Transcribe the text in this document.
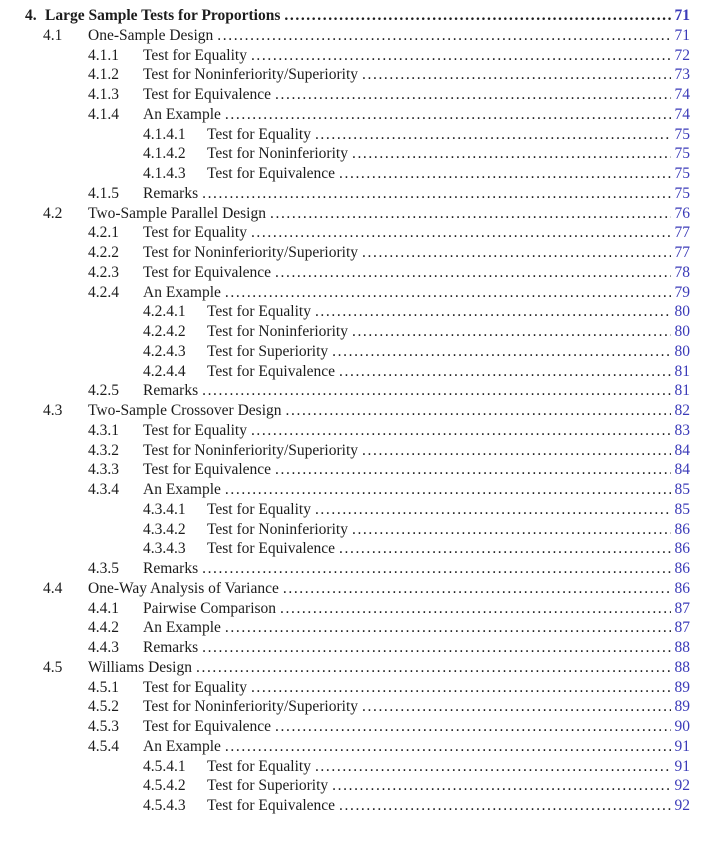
4. Large Sample Tests for Proportions .....	71
4.1	One-Sample Design .....	71
4.1.1	Test for Equality .....	72
4.1.2	Test for Noninferiority/Superiority .....	73
4.1.3	Test for Equivalence .....	74
4.1.4	An Example .....	74
4.1.4.1	Test for Equality .....	75
4.1.4.2	Test for Noninferiority .....	75
4.1.4.3	Test for Equivalence .....	75
4.1.5	Remarks .....	75
4.2	Two-Sample Parallel Design .....	76
4.2.1	Test for Equality .....	77
4.2.2	Test for Noninferiority/Superiority .....	77
4.2.3	Test for Equivalence .....	78
4.2.4	An Example .....	79
4.2.4.1	Test for Equality .....	80
4.2.4.2	Test for Noninferiority .....	80
4.2.4.3	Test for Superiority .....	80
4.2.4.4	Test for Equivalence .....	81
4.2.5	Remarks .....	81
4.3	Two-Sample Crossover Design .....	82
4.3.1	Test for Equality .....	83
4.3.2	Test for Noninferiority/Superiority .....	84
4.3.3	Test for Equivalence .....	84
4.3.4	An Example .....	85
4.3.4.1	Test for Equality .....	85
4.3.4.2	Test for Noninferiority .....	86
4.3.4.3	Test for Equivalence .....	86
4.3.5	Remarks .....	86
4.4	One-Way Analysis of Variance .....	86
4.4.1	Pairwise Comparison .....	87
4.4.2	An Example .....	87
4.4.3	Remarks .....	88
4.5	Williams Design .....	88
4.5.1	Test for Equality .....	89
4.5.2	Test for Noninferiority/Superiority .....	89
4.5.3	Test for Equivalence .....	90
4.5.4	An Example .....	91
4.5.4.1	Test for Equality .....	91
4.5.4.2	Test for Superiority .....	92
4.5.4.3	Test for Equivalence .....	92
